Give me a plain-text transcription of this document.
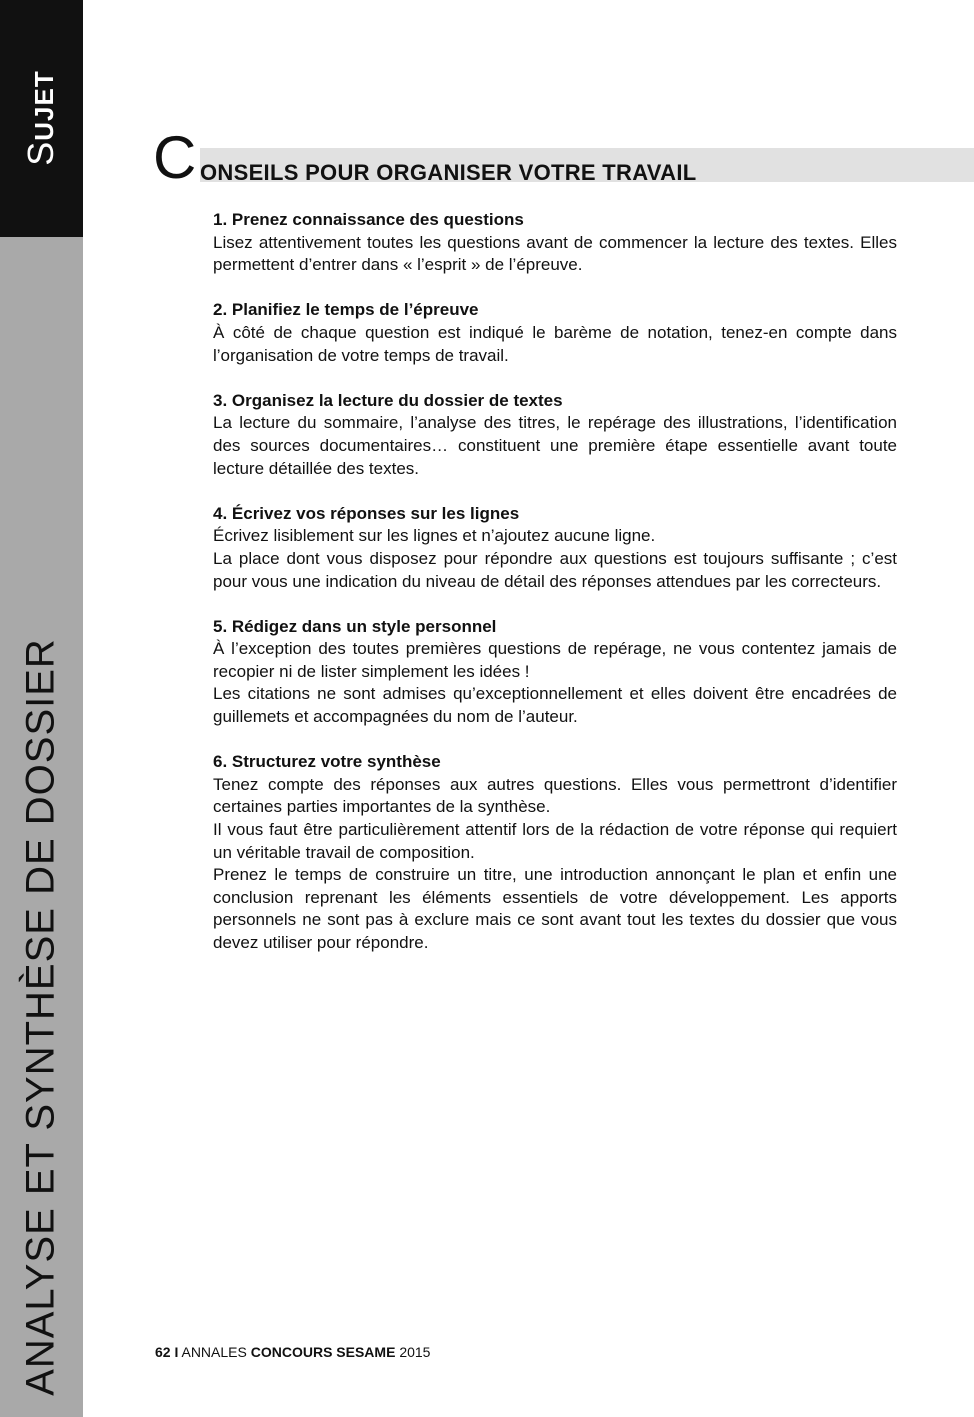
SUJET
ANALYSE ET SYNTHÈSE DE DOSSIER
C ONSEILS POUR ORGANISER VOTRE TRAVAIL
1. Prenez connaissance des questions

Lisez attentivement toutes les questions avant de commencer la lecture des textes. Elles permettent d’entrer dans « l’esprit » de l’épreuve.

2. Planifiez le temps de l’épreuve

À côté de chaque question est indiqué le barème de notation, tenez-en compte dans l’organisation de votre temps de travail.

3. Organisez la lecture du dossier de textes

La lecture du sommaire, l’analyse des titres, le repérage des illustrations, l’identification des sources documentaires… constituent une première étape essentielle avant toute lecture détaillée des textes.

4. Écrivez vos réponses sur les lignes

Écrivez lisiblement sur les lignes et n’ajoutez aucune ligne.

La place dont vous disposez pour répondre aux questions est toujours suffisante ; c’est pour vous une indication du niveau de détail des réponses attendues par les correcteurs.

5. Rédigez dans un style personnel

À l’exception des toutes premières questions de repérage, ne vous contentez jamais de recopier ni de lister simplement les idées !

Les citations ne sont admises qu’exceptionnellement et elles doivent être encadrées de guillemets et accompagnées du nom de l’auteur.

6. Structurez votre synthèse

Tenez compte des réponses aux autres questions. Elles vous permettront d’identifier certaines parties importantes de la synthèse.

Il vous faut être particulièrement attentif lors de la rédaction de votre réponse qui requiert un véritable travail de composition.

Prenez le temps de construire un titre, une introduction annonçant le plan et enfin une conclusion reprenant les éléments essentiels de votre développement. Les apports personnels ne sont pas à exclure mais ce sont avant tout les textes du dossier que vous devez utiliser pour répondre.

62 I ANNALES CONCOURS SESAME 2015
